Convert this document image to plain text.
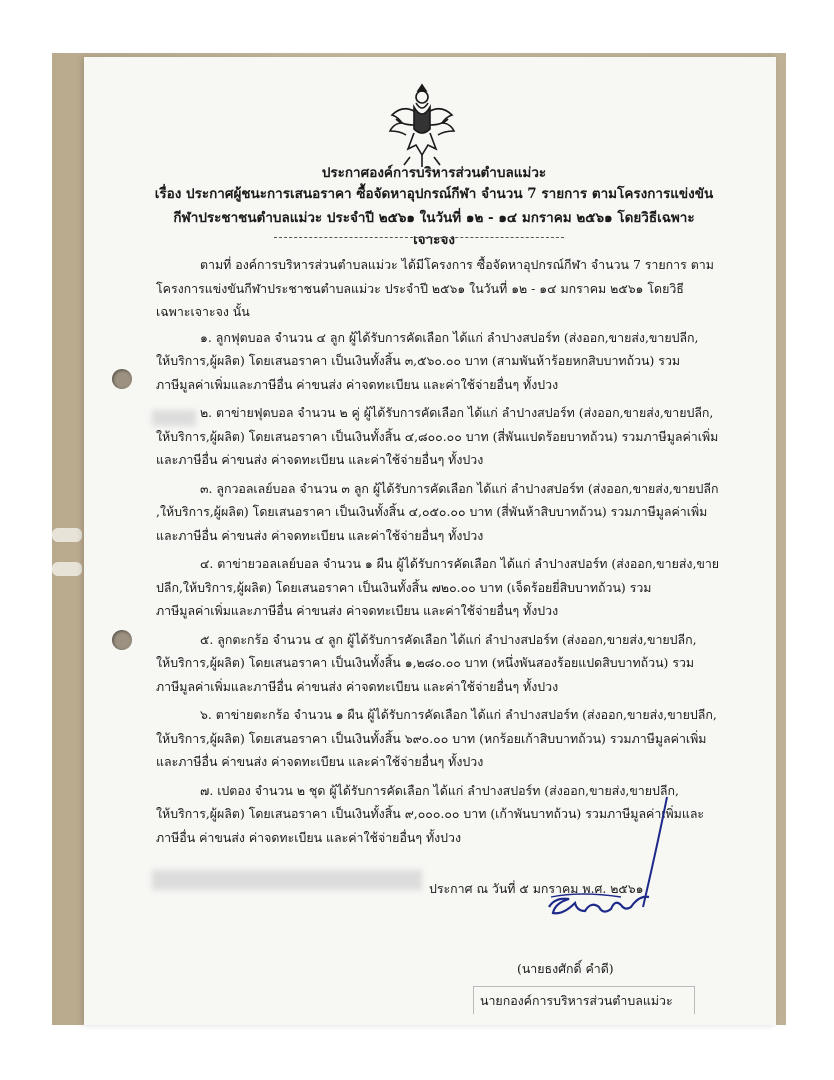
ประกาศองค์การบริหารส่วนตำบลแม่วะ
เรื่อง ประกาศผู้ชนะการเสนอราคา ซื้อจัดหาอุปกรณ์กีฬา จำนวน 7 รายการ ตามโครงการแข่งขัน
กีฬาประชาชนตำบลแม่วะ ประจำปี ๒๕๖๑ ในวันที่ ๑๒ - ๑๔ มกราคม ๒๕๖๑ โดยวิธีเฉพาะเจาะจง
ตามที่ องค์การบริหารส่วนตำบลแม่วะ ได้มีโครงการ ซื้อจัดหาอุปกรณ์กีฬา จำนวน 7 รายการ ตาม
โครงการแข่งขันกีฬาประชาชนตำบลแม่วะ ประจำปี ๒๕๖๑ ในวันที่ ๑๒ - ๑๔ มกราคม ๒๕๖๑ โดยวิธี
เฉพาะเจาะจง นั้น
๑. ลูกฟุตบอล จำนวน ๔ ลูก ผู้ได้รับการคัดเลือก ได้แก่ ลำปางสปอร์ท (ส่งออก,ขายส่ง,ขายปลีก,
ให้บริการ,ผู้ผลิต) โดยเสนอราคา เป็นเงินทั้งสิ้น ๓,๕๖๐.๐๐ บาท (สามพันห้าร้อยหกสิบบาทถ้วน) รวม
ภาษีมูลค่าเพิ่มและภาษีอื่น ค่าขนส่ง ค่าจดทะเบียน และค่าใช้จ่ายอื่นๆ ทั้งปวง
๒. ตาข่ายฟุตบอล จำนวน ๒ คู่ ผู้ได้รับการคัดเลือก ได้แก่ ลำปางสปอร์ท (ส่งออก,ขายส่ง,ขายปลีก,
ให้บริการ,ผู้ผลิต) โดยเสนอราคา เป็นเงินทั้งสิ้น ๔,๘๐๐.๐๐ บาท (สี่พันแปดร้อยบาทถ้วน) รวมภาษีมูลค่าเพิ่ม
และภาษีอื่น ค่าขนส่ง ค่าจดทะเบียน และค่าใช้จ่ายอื่นๆ ทั้งปวง
๓. ลูกวอลเลย์บอล จำนวน ๓ ลูก ผู้ได้รับการคัดเลือก ได้แก่ ลำปางสปอร์ท (ส่งออก,ขายส่ง,ขายปลีก
,ให้บริการ,ผู้ผลิต) โดยเสนอราคา เป็นเงินทั้งสิ้น ๔,๐๕๐.๐๐ บาท (สี่พันห้าสิบบาทถ้วน) รวมภาษีมูลค่าเพิ่ม
และภาษีอื่น ค่าขนส่ง ค่าจดทะเบียน และค่าใช้จ่ายอื่นๆ ทั้งปวง
๔. ตาข่ายวอลเลย์บอล จำนวน ๑ ผืน ผู้ได้รับการคัดเลือก ได้แก่ ลำปางสปอร์ท (ส่งออก,ขายส่ง,ขาย
ปลีก,ให้บริการ,ผู้ผลิต) โดยเสนอราคา เป็นเงินทั้งสิ้น ๗๒๐.๐๐ บาท (เจ็ดร้อยยี่สิบบาทถ้วน) รวม
ภาษีมูลค่าเพิ่มและภาษีอื่น ค่าขนส่ง ค่าจดทะเบียน และค่าใช้จ่ายอื่นๆ ทั้งปวง
๕. ลูกตะกร้อ จำนวน ๔ ลูก ผู้ได้รับการคัดเลือก ได้แก่ ลำปางสปอร์ท (ส่งออก,ขายส่ง,ขายปลีก,
ให้บริการ,ผู้ผลิต) โดยเสนอราคา เป็นเงินทั้งสิ้น ๑,๒๘๐.๐๐ บาท (หนึ่งพันสองร้อยแปดสิบบาทถ้วน) รวม
ภาษีมูลค่าเพิ่มและภาษีอื่น ค่าขนส่ง ค่าจดทะเบียน และค่าใช้จ่ายอื่นๆ ทั้งปวง
๖. ตาข่ายตะกร้อ จำนวน ๑ ผืน ผู้ได้รับการคัดเลือก ได้แก่ ลำปางสปอร์ท (ส่งออก,ขายส่ง,ขายปลีก,
ให้บริการ,ผู้ผลิต) โดยเสนอราคา เป็นเงินทั้งสิ้น ๖๙๐.๐๐ บาท (หกร้อยเก้าสิบบาทถ้วน) รวมภาษีมูลค่าเพิ่ม
และภาษีอื่น ค่าขนส่ง ค่าจดทะเบียน และค่าใช้จ่ายอื่นๆ ทั้งปวง
๗. เปตอง จำนวน ๒ ชุด ผู้ได้รับการคัดเลือก ได้แก่ ลำปางสปอร์ท (ส่งออก,ขายส่ง,ขายปลีก,
ให้บริการ,ผู้ผลิต) โดยเสนอราคา เป็นเงินทั้งสิ้น ๙,๐๐๐.๐๐ บาท (เก้าพันบาทถ้วน) รวมภาษีมูลค่าเพิ่มและ
ภาษีอื่น ค่าขนส่ง ค่าจดทะเบียน และค่าใช้จ่ายอื่นๆ ทั้งปวง
ประกาศ ณ วันที่ ๕ มกราคม พ.ศ. ๒๕๖๑
(นายธงศักดิ์ คำดี)
นายกองค์การบริหารส่วนตำบลแม่วะ
